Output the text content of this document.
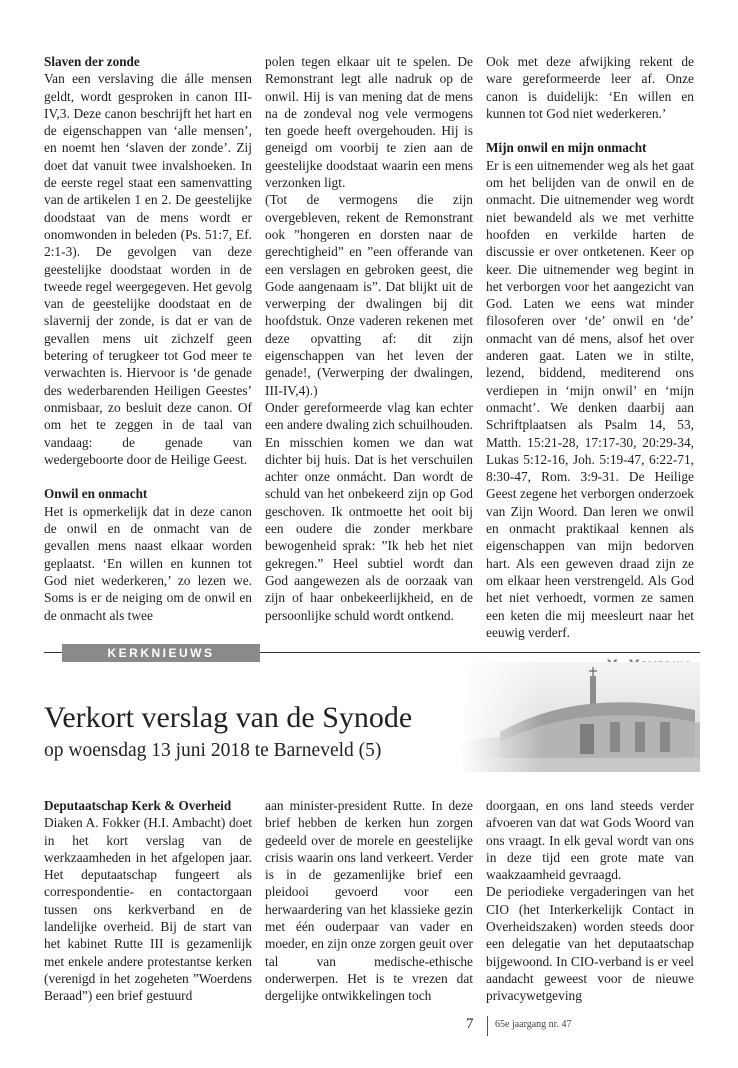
Slaven der zonde

Van een verslaving die álle mensen geldt, wordt gesproken in canon III-IV,3. Deze canon beschrijft het hart en de eigenschappen van ‘alle mensen’, en noemt hen ‘slaven der zonde’. Zij doet dat vanuit twee invalshoeken. In de eerste regel staat een samenvatting van de artikelen 1 en 2. De geestelijke doodstaat van de mens wordt er onomwonden in beleden (Ps. 51:7, Ef. 2:1-3). De gevolgen van deze geestelijke doodstaat worden in de tweede regel weergegeven. Het gevolg van de geestelijke doodstaat en de slavernij der zonde, is dat er van de gevallen mens uit zichzelf geen betering of terugkeer tot God meer te verwachten is. Hiervoor is ‘de genade des wederbarenden Heiligen Geestes’ onmisbaar, zo besluit deze canon. Of om het te zeggen in de taal van vandaag: de genade van wedergeboorte door de Heilige Geest.

Onwil en onmacht

Het is opmerkelijk dat in deze canon de onwil en de onmacht van de gevallen mens naast elkaar worden geplaatst. ‘En willen en kunnen tot God niet wederkeren,’ zo lezen we. Soms is er de neiging om de onwil en de onmacht als twee

polen tegen elkaar uit te spelen. De Remonstrant legt alle nadruk op de onwil. Hij is van mening dat de mens na de zondeval nog vele vermogens ten goede heeft overgehouden. Hij is geneigd om voorbij te zien aan de geestelijke doodstaat waarin een mens verzonken ligt.

(Tot de vermogens die zijn overgebleven, rekent de Remonstrant ook ”hongeren en dorsten naar de gerechtigheid” en ”een offerande van een verslagen en gebroken geest, die Gode aangenaam is”. Dat blijkt uit de verwerping der dwalingen bij dit hoofdstuk. Onze vaderen rekenen met deze opvatting af: dit zijn eigenschappen van het leven der genade!, (Verwerping der dwalingen, III-IV,4).)

Onder gereformeerde vlag kan echter een andere dwaling zich schuilhouden. En misschien komen we dan wat dichter bij huis. Dat is het verschuilen achter onze onmácht. Dan wordt de schuld van het onbekeerd zijn op God geschoven. Ik ontmoette het ooit bij een oudere die zonder merkbare bewogenheid sprak: ”Ik heb het niet gekregen.” Heel subtiel wordt dan God aangewezen als de oorzaak van zijn of haar onbekeerlijkheid, en de persoonlijke schuld wordt ontkend.

Ook met deze afwijking rekent de ware gereformeerde leer af. Onze canon is duidelijk: ‘En willen en kunnen tot God niet wederkeren.’

Mijn onwil en mijn onmacht

Er is een uitnemender weg als het gaat om het belijden van de onwil en de onmacht. Die uitnemender weg wordt niet bewandeld als we met verhitte hoofden en verkilde harten de discussie er over ontketenen. Keer op keer. Die uitnemender weg begint in het verborgen voor het aangezicht van God. Laten we eens wat minder filosoferen over ‘de’ onwil en ‘de’ onmacht van dé mens, alsof het over anderen gaat. Laten we in stilte, lezend, biddend, mediterend ons verdiepen in ‘mijn onwil’ en ‘mijn onmacht’. We denken daarbij aan Schriftplaatsen als Psalm 14, 53, Matth. 15:21-28, 17:17-30, 20:29-34, Lukas 5:12-16, Joh. 5:19-47, 6:22-71, 8:30-47, Rom. 3:9-31. De Heilige Geest zegene het verborgen onderzoek van Zijn Woord. Dan leren we onwil en onmacht praktikaal kennen als eigenschappen van mijn bedorven hart. Als een geweven draad zijn ze om elkaar heen verstrengeld. Als God het niet verhoedt, vormen ze samen een keten die mij meesleurt naar het eeuwig verderf.

KERKNIEUWS
Verkort verslag van de Synode
op woensdag 13 juni 2018 te Barneveld (5)
Deputaatschap Kerk & Overheid

Diaken A. Fokker (H.I. Ambacht) doet in het kort verslag van de werkzaamheden in het afgelopen jaar. Het deputaatschap fungeert als correspondentie- en contactorgaan tussen ons kerkverband en de landelijke overheid. Bij de start van het kabinet Rutte III is gezamenlijk met enkele andere protestantse kerken (verenigd in het zogeheten ”Woerdens Beraad”) een brief gestuurd

aan minister-president Rutte. In deze brief hebben de kerken hun zorgen gedeeld over de morele en geestelijke crisis waarin ons land verkeert. Verder is in de gezamenlijke brief een pleidooi gevoerd voor een herwaardering van het klassieke gezin met één ouderpaar van vader en moeder, en zijn onze zorgen geuit over tal van medische-ethische onderwerpen. Het is te vrezen dat dergelijke ontwikkelingen toch

doorgaan, en ons land steeds verder afvoeren van dat wat Gods Woord van ons vraagt. In elk geval wordt van ons in deze tijd een grote mate van waakzaamheid gevraagd.

De periodieke vergaderingen van het CIO (het Interkerkelijk Contact in Overheidszaken) worden steeds door een delegatie van het deputaatschap bijgewoond. In CIO-verband is er veel aandacht geweest voor de nieuwe privacywetgeving

7 65e jaargang nr. 47
